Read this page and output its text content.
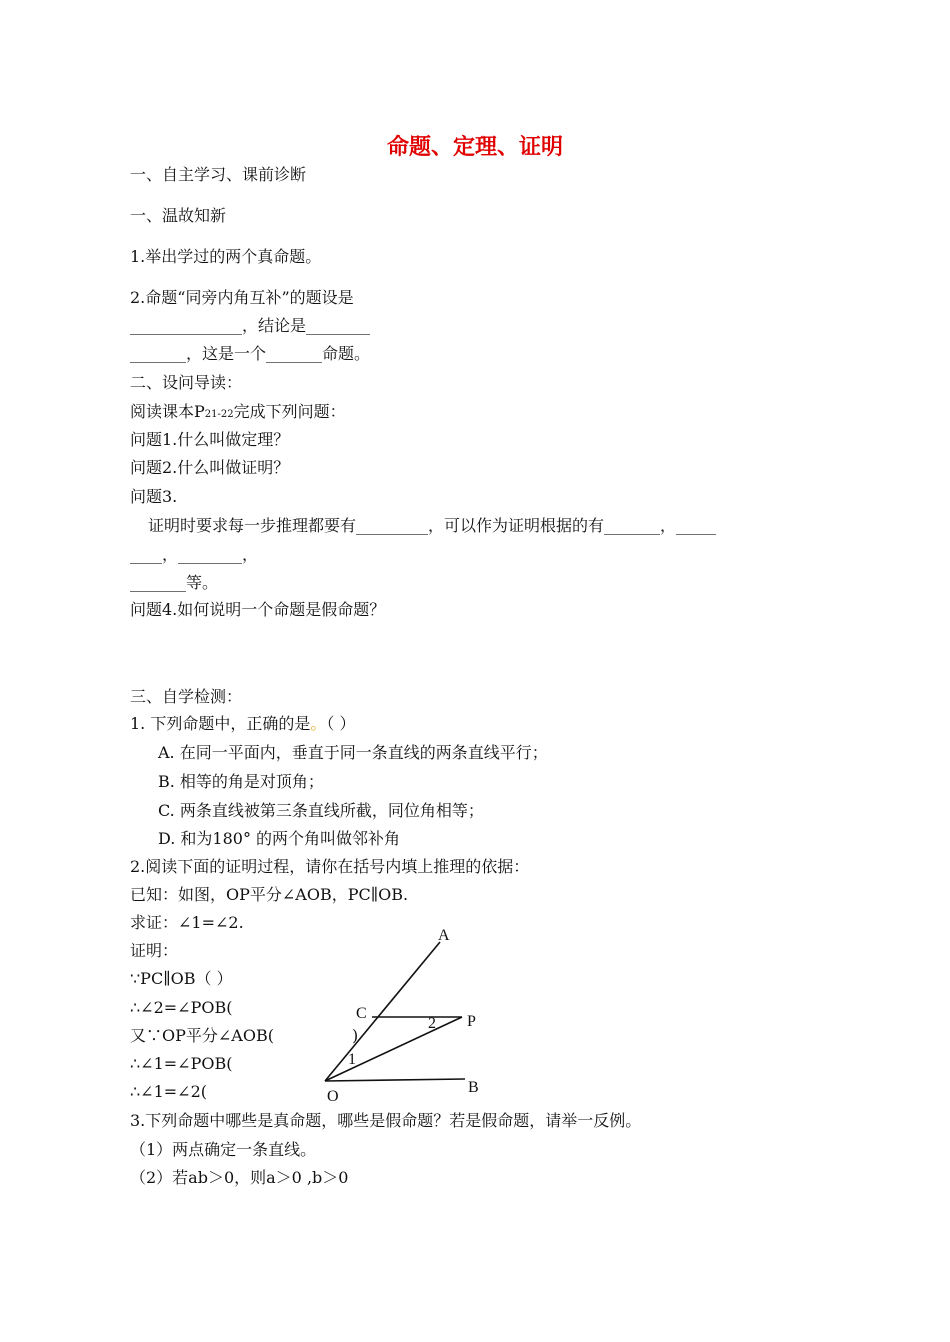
命题、定理、证明
一、自主学习、课前诊断
一、温故知新
1.举出学过的两个真命题。
2.命题“同旁内角互补”的题设是
______________，结论是________
_______，这是一个_______命题。
二、设问导读：
阅读课本P21-22完成下列问题：
问题1.什么叫做定理？
问题2.什么叫做证明？
问题3.
证明时要求每一步推理都要有_________，可以作为证明根据的有_______，_____
____，________，
_______等。
问题4.如何说明一个命题是假命题？
三、自学检测：
1. 下列命题中，正确的是。（ ）
A. 在同一平面内，垂直于同一条直线的两条直线平行；
B. 相等的角是对顶角；
C. 两条直线被第三条直线所截，同位角相等；
D. 和为180° 的两个角叫做邻补角
2.阅读下面的证明过程，请你在括号内填上推理的依据：
已知：如图，OP平分∠AOB，PC∥OB.
求证：∠1=∠2.
证明：
∵PC∥OB（ ）
∴∠2=∠POB(
又∵OP平分∠AOB(	)
∴∠1=∠POB(
∴∠1=∠2(
3.下列命题中哪些是真命题，哪些是假命题？若是假命题，请举一反例。
（1）两点确定一条直线。
（2）若ab＞0，则a＞0 ,b＞0
A
C	P
O
B
1
2
